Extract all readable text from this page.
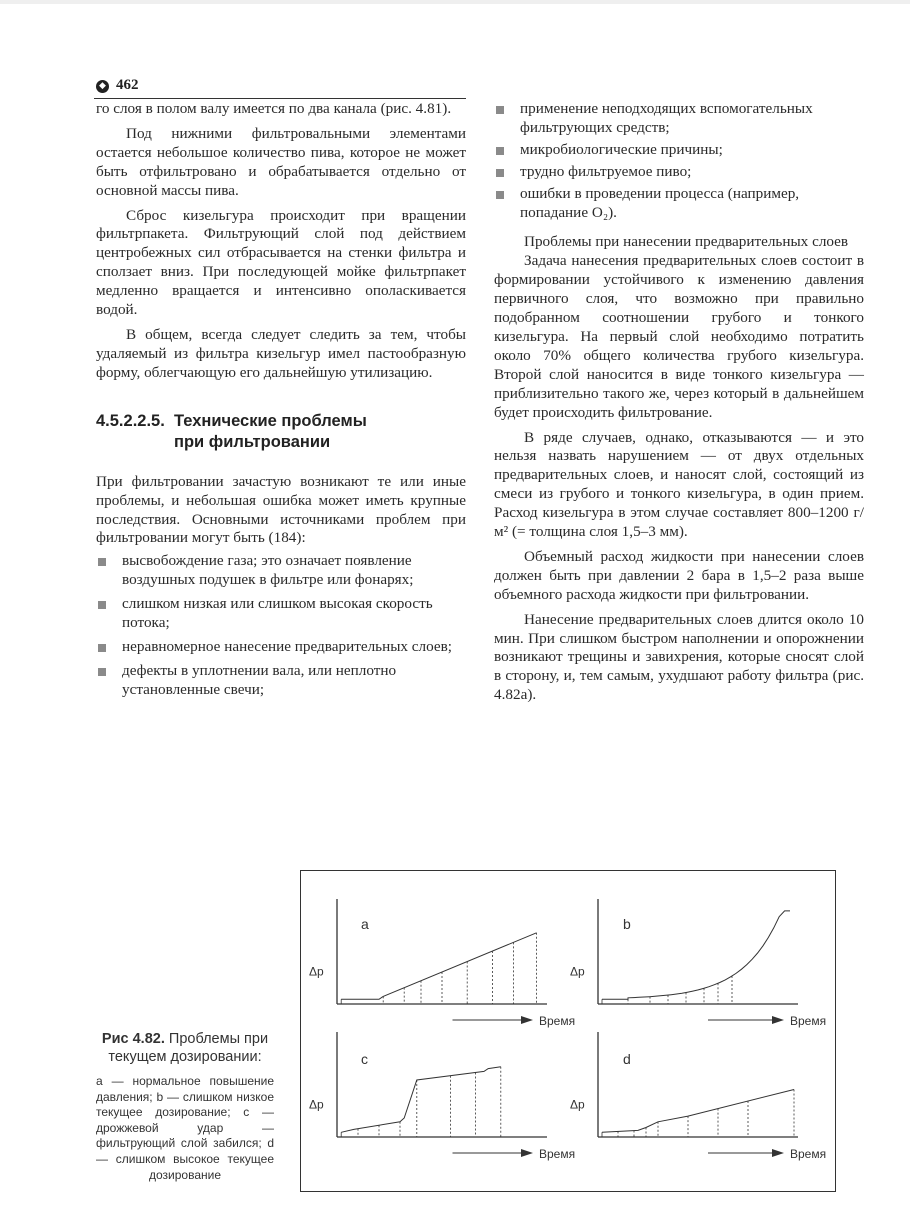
◆ 462

го слоя в полом валу имеется по два канала (рис. 4.81).

Под нижними фильтровальными элементами остается небольшое количество пива, которое не может быть отфильтровано и обрабатывается отдельно от основной массы пива.

Сброс кизельгура происходит при вращении фильтрпакета. Фильтрующий слой под действием центробежных сил отбрасывается на стенки фильтра и сползает вниз. При последующей мойке фильтрпакет медленно вращается и интенсивно ополаскивается водой.

В общем, всегда следует следить за тем, чтобы удаляемый из фильтра кизельгур имел пастообразную форму, облегчающую его дальнейшую утилизацию.

4.5.2.2.5. Технические проблемы
при фильтровании

При фильтровании зачастую возникают те или иные проблемы, и небольшая ошибка может иметь крупные последствия. Основными источниками проблем при фильтровании могут быть (184):

высвобождение газа; это означает появление воздушных подушек в фильтре или фонарях;
слишком низкая или слишком высокая скорость потока;
неравномерное нанесение предварительных слоев;
дефекты в уплотнении вала, или неплотно установленные свечи;
применение неподходящих вспомогательных фильтрующих средств;
микробиологические причины;
трудно фильтруемое пиво;
ошибки в проведении процесса (например, попадание O₂).

Проблемы при нанесении предварительных слоев

Задача нанесения предварительных слоев состоит в формировании устойчивого к изменению давления первичного слоя, что возможно при правильно подобранном соотношении грубого и тонкого кизельгура. На первый слой необходимо потратить около 70% общего количества грубого кизельгура. Второй слой наносится в виде тонкого кизельгура — приблизительно такого же, через который в дальнейшем будет происходить фильтрование.

В ряде случаев, однако, отказываются — и это нельзя назвать нарушением — от двух отдельных предварительных слоев, и наносят слой, состоящий из смеси из грубого и тонкого кизельгура, в один прием. Расход кизельгура в этом случае составляет 800–1200 г/м² (= толщина слоя 1,5–3 мм).

Объемный расход жидкости при нанесении слоев должен быть при давлении 2 бара в 1,5–2 раза выше объемного расхода жидкости при фильтровании.

Нанесение предварительных слоев длится около 10 мин. При слишком быстром наполнении и опорожнении возникают трещины и завихрения, которые сносят слой в сторону, и, тем самым, ухудшают работу фильтра (рис. 4.82а).

Рис 4.82. Проблемы при текущем дозировании:
a — нормальное повышение давления; b — слишком низкое текущее дозирование; c — дрожжевой удар — фильтрующий слой забился; d — слишком высокое текущее дозирование
Время
Δp
a
Время
Δp
b
Время
Δp
c
Время
Δp
d
